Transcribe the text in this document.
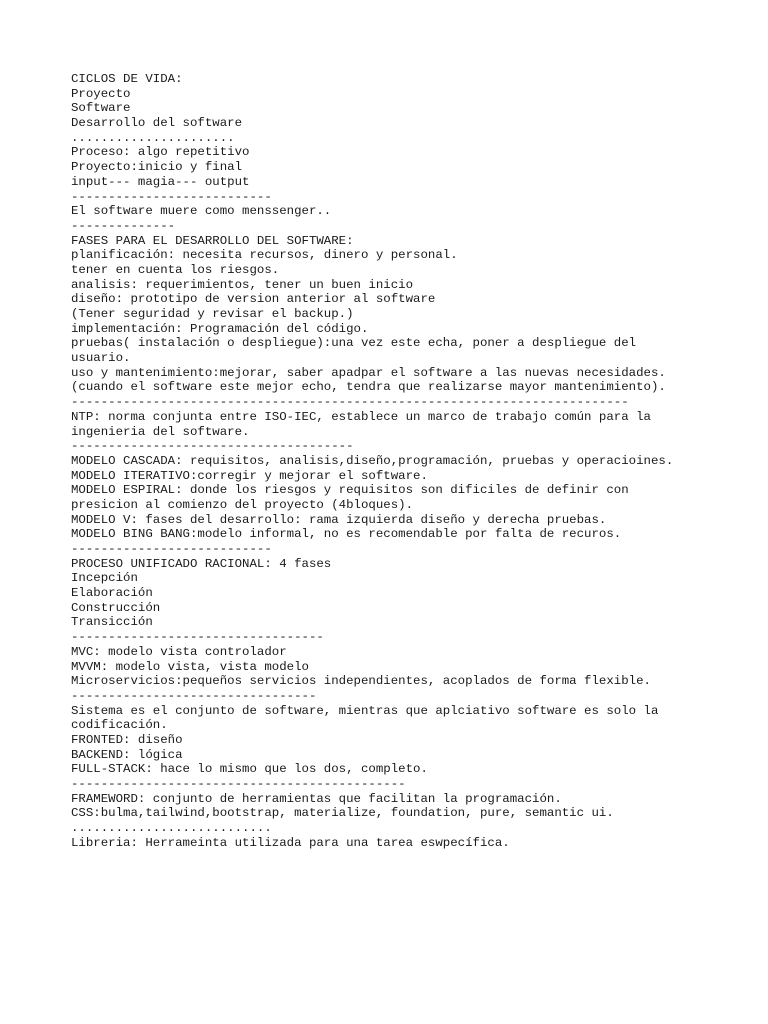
CICLOS DE VIDA:
Proyecto
Software
Desarrollo del software
......................
Proceso: algo repetitivo
Proyecto:inicio y final
input--- magia--- output
---------------------------
El software muere como menssenger..
--------------
FASES PARA EL DESARROLLO DEL SOFTWARE:
planificación: necesita recursos, dinero y personal.
tener en cuenta los riesgos.
analisis: requerimientos, tener un buen inicio
diseño: prototipo de version anterior al software
(Tener seguridad y revisar el backup.)
implementación: Programación del código.
pruebas( instalación o despliegue):una vez este echa, poner a despliegue del
usuario.
uso y mantenimiento:mejorar, saber apadpar el software a las nuevas necesidades.
(cuando el software este mejor echo, tendra que realizarse mayor mantenimiento).
---------------------------------------------------------------------------
NTP: norma conjunta entre ISO-IEC, establece un marco de trabajo común para la
ingenieria del software.
--------------------------------------
MODELO CASCADA: requisitos, analisis,diseño,programación, pruebas y operacioines.
MODELO ITERATIVO:corregir y mejorar el software.
MODELO ESPIRAL: donde los riesgos y requisitos son dificiles de definir con
presicion al comienzo del proyecto (4bloques).
MODELO V: fases del desarrollo: rama izquierda diseño y derecha pruebas.
MODELO BING BANG:modelo informal, no es recomendable por falta de recuros.
---------------------------
PROCESO UNIFICADO RACIONAL: 4 fases
Incepción
Elaboración
Construcción
Transicción
----------------------------------
MVC: modelo vista controlador
MVVM: modelo vista, vista modelo
Microservicios:pequeños servicios independientes, acoplados de forma flexible.
---------------------------------
Sistema es el conjunto de software, mientras que aplciativo software es solo la
codificación.
FRONTED: diseño
BACKEND: lógica
FULL-STACK: hace lo mismo que los dos, completo.
---------------------------------------------
FRAMEWORD: conjunto de herramientas que facilitan la programación.
CSS:bulma,tailwind,bootstrap, materialize, foundation, pure, semantic ui.
...........................
Libreria: Herrameinta utilizada para una tarea eswpecífica.
